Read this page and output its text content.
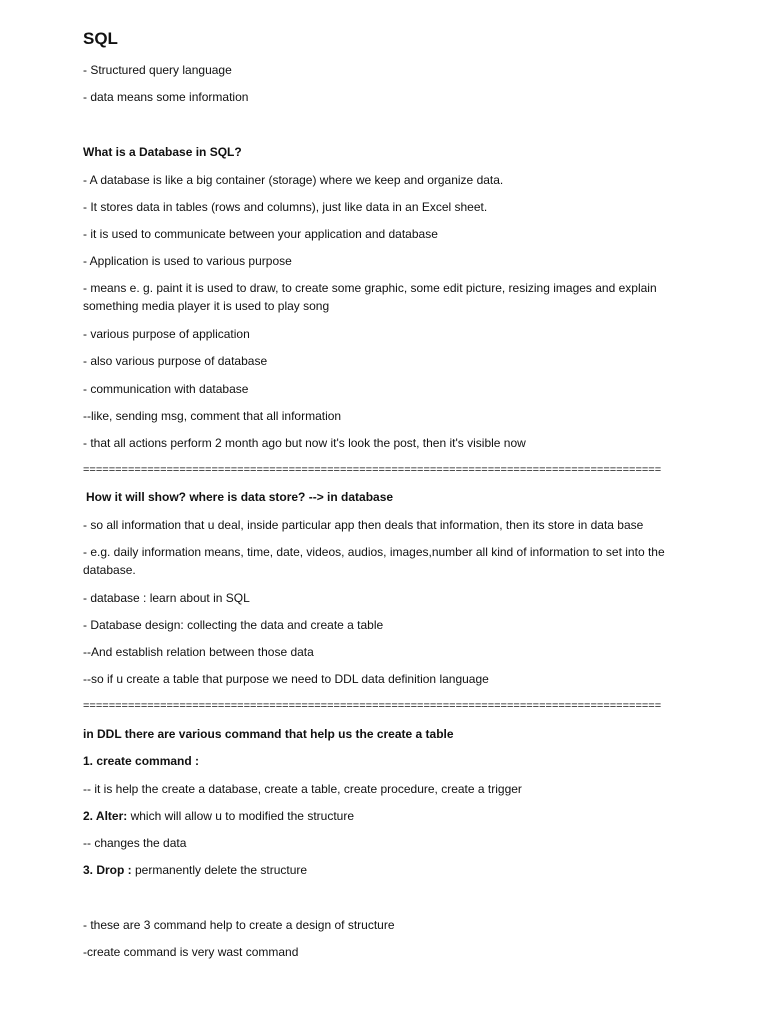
SQL
- Structured query language
- data means some information
What is a Database in SQL?
- A database is like a big container (storage) where we keep and organize data.
- It stores data in tables (rows and columns), just like data in an Excel sheet.
- it is used to communicate between your application and database
- Application is used to various purpose
- means e. g. paint it is used to draw, to create some graphic, some edit picture, resizing images and explain something media player it is used to play song
- various purpose of application
- also various purpose of database
- communication with database
--like, sending msg, comment that all information
- that all actions perform 2 month ago but now it's look the post, then it's visible now
==========================================================================================
How it will show? where is data store? --> in database
- so all information that u deal, inside particular app then deals that information, then its store in data base
- e.g. daily information means, time, date, videos, audios, images,number all kind of information to set into the database.
- database : learn about in SQL
- Database design: collecting the data and create a table
--And establish relation between those data
--so if u create a table that purpose we need to DDL data definition language
==========================================================================================
in DDL there are various command that help us the create a table
1. create command :
-- it is help the create a database, create a table, create procedure, create a trigger
2. Alter: which will allow u to modified the structure
-- changes the data
3. Drop : permanently delete the structure
- these are 3 command help to create a design of structure
-create command is very wast command
